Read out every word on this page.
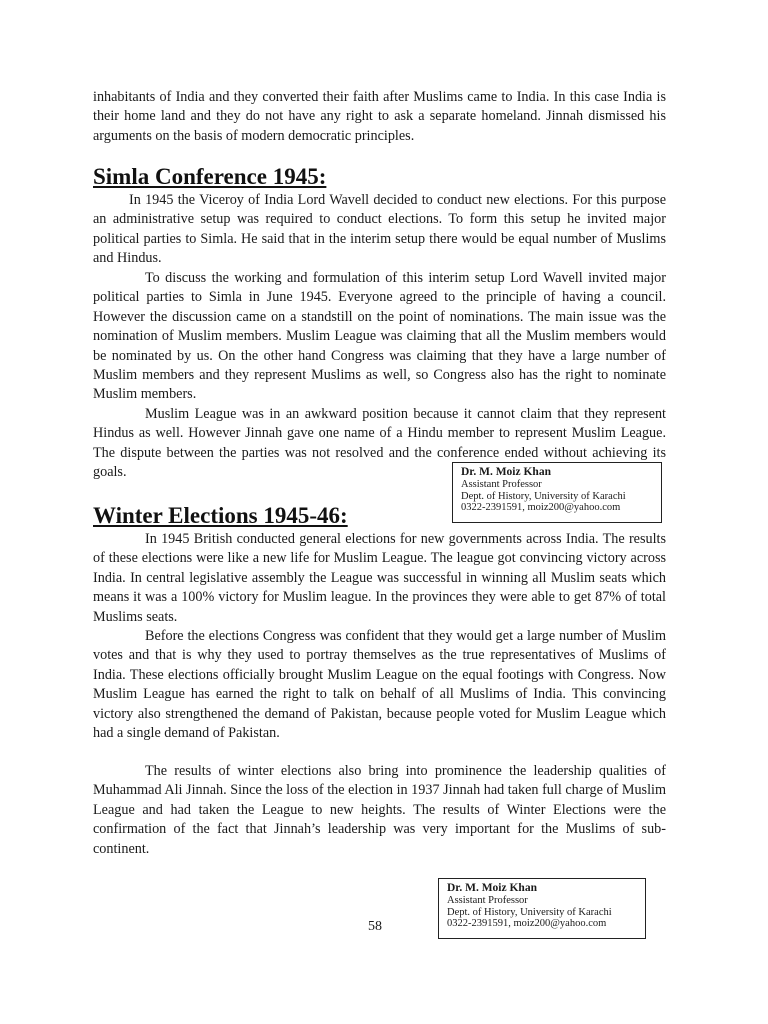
inhabitants of India and they converted their faith after Muslims came to India. In this case India is their home land and they do not have any right to ask a separate homeland. Jinnah dismissed his arguments on the basis of modern democratic principles.

Simla Conference 1945:

In 1945 the Viceroy of India Lord Wavell decided to conduct new elections. For this purpose an administrative setup was required to conduct elections. To form this setup he invited major political parties to Simla. He said that in the interim setup there would be equal number of Muslims and Hindus.

To discuss the working and formulation of this interim setup Lord Wavell invited major political parties to Simla in June 1945. Everyone agreed to the principle of having a council. However the discussion came on a standstill on the point of nominations. The main issue was the nomination of Muslim members. Muslim League was claiming that all the Muslim members would be nominated by us. On the other hand Congress was claiming that they have a large number of Muslim members and they represent Muslims as well, so Congress also has the right to nominate Muslim members.

Muslim League was in an awkward position because it cannot claim that they represent Hindus as well. However Jinnah gave one name of a Hindu member to represent Muslim League. The dispute between the parties was not resolved and the conference ended without achieving its goals.	Dr. M. Moiz Khan
Assistant Professor
Dept. of History, University of Karachi
0322-2391591, moiz200@yahoo.com
Winter Elections 1945-46:

In 1945 British conducted general elections for new governments across India. The results of these elections were like a new life for Muslim League. The league got convincing victory across India. In central legislative assembly the League was successful in winning all Muslim seats which means it was a 100% victory for Muslim league. In the provinces they were able to get 87% of total Muslims seats.

Before the elections Congress was confident that they would get a large number of Muslim votes and that is why they used to portray themselves as the true representatives of Muslims of India. These elections officially brought Muslim League on the equal footings with Congress. Now Muslim League has earned the right to talk on behalf of all Muslims of India. This convincing victory also strengthened the demand of Pakistan, because people voted for Muslim League which had a single demand of Pakistan.

The results of winter elections also bring into prominence the leadership qualities of Muhammad Ali Jinnah. Since the loss of the election in 1937 Jinnah had taken full charge of Muslim League and had taken the League to new heights. The results of Winter Elections were the confirmation of the fact that Jinnah’s leadership was very important for the Muslims of sub-continent.

Dr. M. Moiz Khan
Assistant Professor
Dept. of History, University of Karachi
0322-2391591, moiz200@yahoo.com
58
